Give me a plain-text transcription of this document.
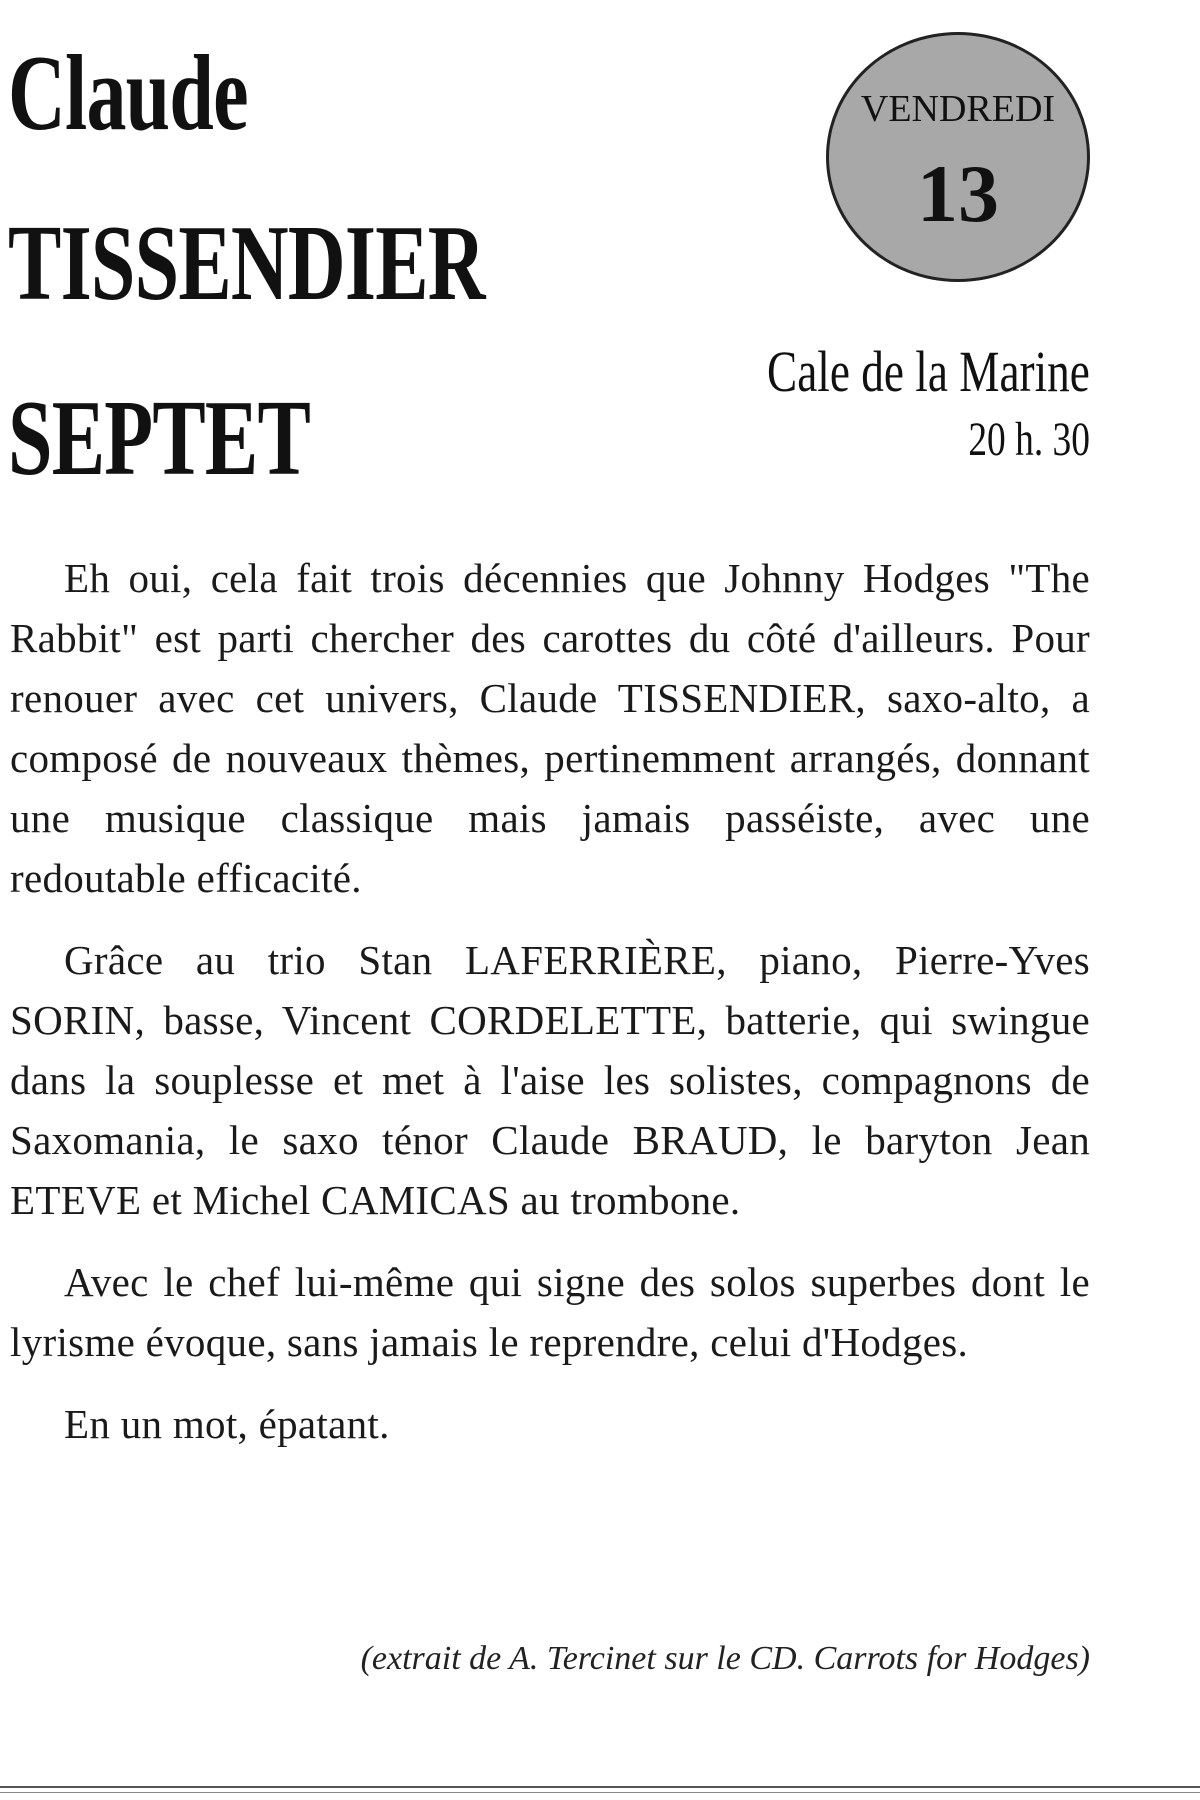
Claude
TISSENDIER
SEPTET
VENDREDI
13
Cale de la Marine
20 h. 30

Eh oui, cela fait trois décennies que Johnny Hodges "The Rabbit" est parti chercher des carottes du côté d'ailleurs. Pour renouer avec cet univers, Claude TISSENDIER, saxo-alto, a composé de nouveaux thèmes, pertinemment arrangés, donnant une musique classique mais jamais passéiste, avec une redoutable efficacité.

Grâce au trio Stan LAFERRIÈRE, piano, Pierre-Yves SORIN, basse, Vincent CORDELETTE, batterie, qui swingue dans la souplesse et met à l'aise les solistes, compagnons de Saxomania, le saxo ténor Claude BRAUD, le baryton Jean ETEVE et Michel CAMICAS au trombone.

Avec le chef lui-même qui signe des solos superbes dont le lyrisme évoque, sans jamais le reprendre, celui d'Hodges.

En un mot, épatant.

(extrait de A. Tercinet sur le CD. Carrots for Hodges)
